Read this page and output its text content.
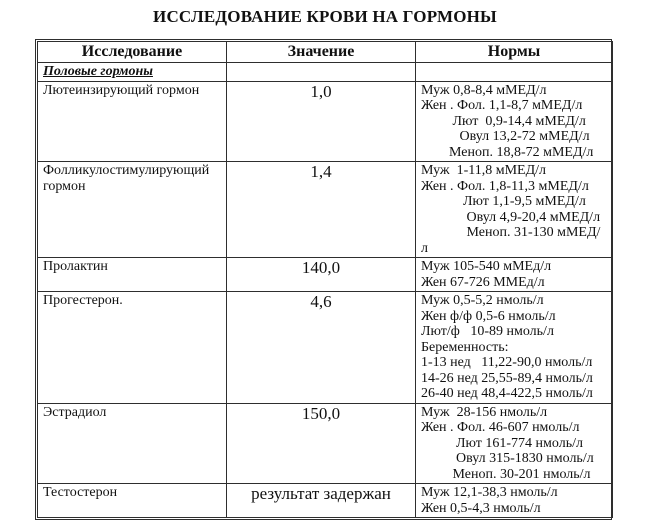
ИССЛЕДОВАНИЕ КРОВИ НА ГОРМОНЫ
Исследование	Значение	Нормы
Половые гормоны		
Лютеинзирующий гормон	1,0	Муж 0,8-8,4 мМЕД/л
Жен . Фол. 1,1-8,7 мМЕД/л
Лют  0,9-14,4 мМЕД/л
Овул 13,2-72 мМЕД/л
Меноп. 18,8-72 мМЕД/л

Фолликулостимулирующий гормон	1,4	Муж  1-11,8 мМЕД/л
Жен . Фол. 1,8-11,3 мМЕД/л
Лют 1,1-9,5 мМЕД/л
Овул 4,9-20,4 мМЕД/л
Меноп. 31-130 мМЕД/л

Пролактин	140,0	Муж 105-540 мМЕд/л
Жен 67-726 ММЕд/л

Прогестерон.	4,6	Муж 0,5-5,2 нмоль/л
Жен ф/ф 0,5-6 нмоль/л
Лют/ф   10-89 нмоль/л
Беременность:
1-13 нед   11,22-90,0 нмоль/л
14-26 нед 25,55-89,4 нмоль/л
26-40 нед 48,4-422,5 нмоль/л

Эстрадиол	150,0	Муж  28-156 нмоль/л
Жен . Фол. 46-607 нмоль/л
Лют 161-774 нмоль/л
Овул 315-1830 нмоль/л
Меноп. 30-201 нмоль/л

Тестостерон	результат задержан	Муж 12,1-38,3 нмоль/л
Жен 0,5-4,3 нмоль/л
